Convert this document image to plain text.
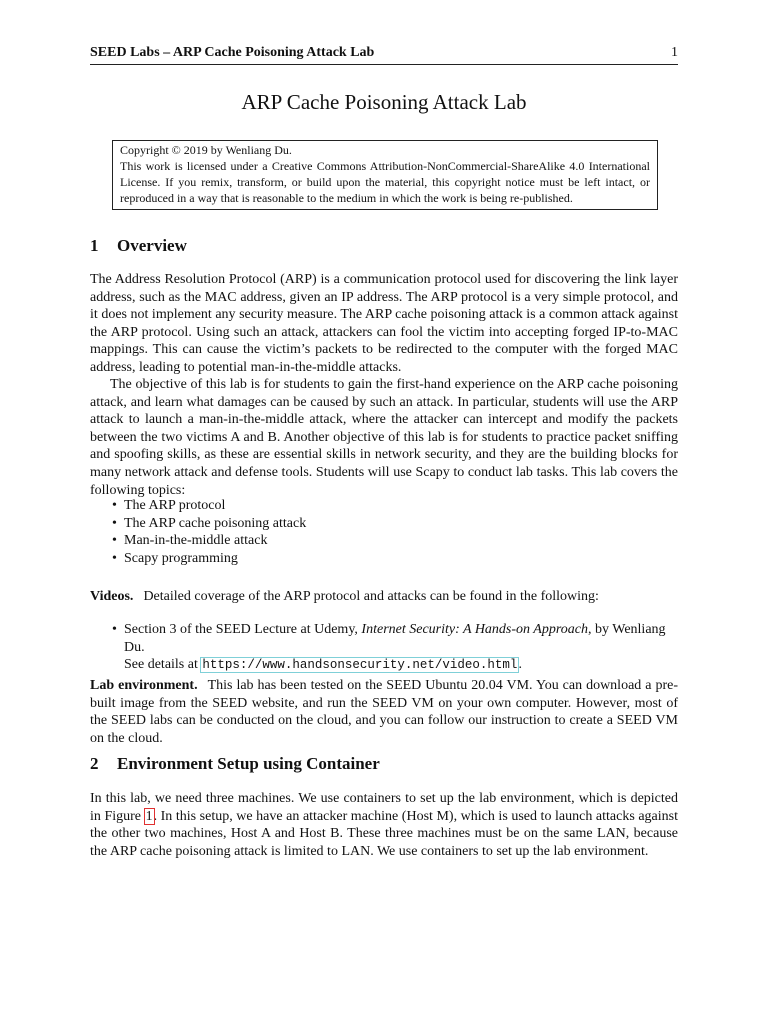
SEED Labs – ARP Cache Poisoning Attack Lab	1
ARP Cache Poisoning Attack Lab
Copyright © 2019 by Wenliang Du.
This work is licensed under a Creative Commons Attribution-NonCommercial-ShareAlike 4.0 International License. If you remix, transform, or build upon the material, this copyright notice must be left intact, or reproduced in a way that is reasonable to the medium in which the work is being re-published.
1 Overview
The Address Resolution Protocol (ARP) is a communication protocol used for discovering the link layer address, such as the MAC address, given an IP address. The ARP protocol is a very simple protocol, and it does not implement any security measure. The ARP cache poisoning attack is a common attack against the ARP protocol. Using such an attack, attackers can fool the victim into accepting forged IP-to-MAC mappings. This can cause the victim’s packets to be redirected to the computer with the forged MAC address, leading to potential man-in-the-middle attacks.
The objective of this lab is for students to gain the first-hand experience on the ARP cache poisoning attack, and learn what damages can be caused by such an attack. In particular, students will use the ARP attack to launch a man-in-the-middle attack, where the attacker can intercept and modify the packets between the two victims A and B. Another objective of this lab is for students to practice packet sniffing and spoofing skills, as these are essential skills in network security, and they are the building blocks for many network attack and defense tools. Students will use Scapy to conduct lab tasks. This lab covers the following topics:
• The ARP protocol
• The ARP cache poisoning attack
• Man-in-the-middle attack
• Scapy programming
Videos. Detailed coverage of the ARP protocol and attacks can be found in the following:
• Section 3 of the SEED Lecture at Udemy, Internet Security: A Hands-on Approach, by Wenliang Du.
See details at https://www.handsonsecurity.net/video.html.
Lab environment. This lab has been tested on the SEED Ubuntu 20.04 VM. You can download a pre-built image from the SEED website, and run the SEED VM on your own computer. However, most of the SEED labs can be conducted on the cloud, and you can follow our instruction to create a SEED VM on the cloud.
2 Environment Setup using Container
In this lab, we need three machines. We use containers to set up the lab environment, which is depicted in Figure 1. In this setup, we have an attacker machine (Host M), which is used to launch attacks against the other two machines, Host A and Host B. These three machines must be on the same LAN, because the ARP cache poisoning attack is limited to LAN. We use containers to set up the lab environment.
